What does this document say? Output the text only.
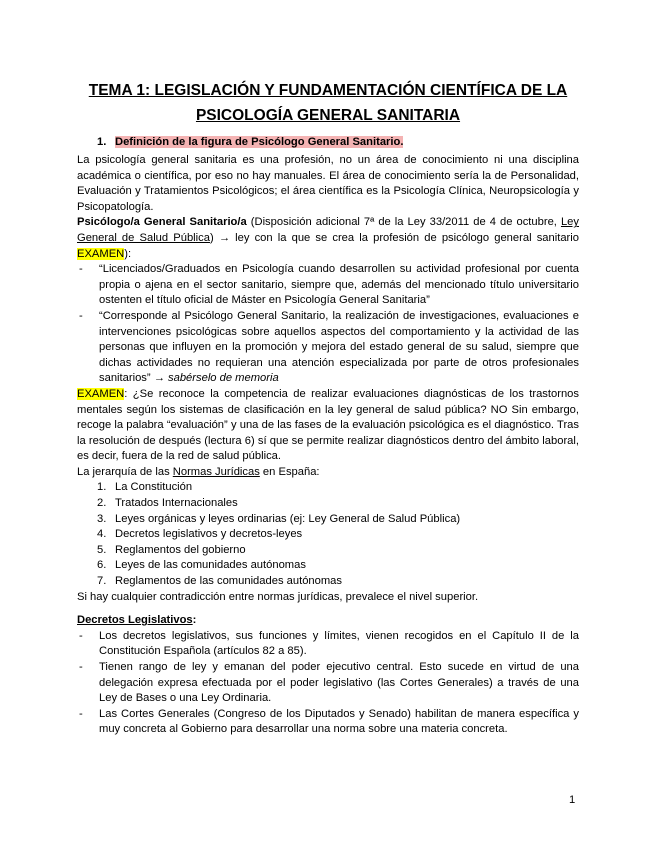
TEMA 1: LEGISLACIÓN Y FUNDAMENTACIÓN CIENTÍFICA DE LA
PSICOLOGÍA GENERAL SANITARIA
1. Definición de la figura de Psicólogo General Sanitario.

La psicología general sanitaria es una profesión, no un área de conocimiento ni una disciplina académica o científica, por eso no hay manuales. El área de conocimiento sería la de Personalidad, Evaluación y Tratamientos Psicológicos; el área científica es la Psicología Clínica, Neuropsicología y Psicopatología.

Psicólogo/a General Sanitario/a (Disposición adicional 7ª de la Ley 33/2011 de 4 de octubre, Ley General de Salud Pública) → ley con la que se crea la profesión de psicólogo general sanitario EXAMEN):

- “Licenciados/Graduados en Psicología cuando desarrollen su actividad profesional por cuenta propia o ajena en el sector sanitario, siempre que, además del mencionado título universitario ostenten el título oficial de Máster en Psicología General Sanitaria”
- “Corresponde al Psicólogo General Sanitario, la realización de investigaciones, evaluaciones e intervenciones psicológicas sobre aquellos aspectos del comportamiento y la actividad de las personas que influyen en la promoción y mejora del estado general de su salud, siempre que dichas actividades no requieran una atención especializada por parte de otros profesionales sanitarios” → sabérselo de memoria

EXAMEN: ¿Se reconoce la competencia de realizar evaluaciones diagnósticas de los trastornos mentales según los sistemas de clasificación en la ley general de salud pública? NO Sin embargo, recoge la palabra “evaluación” y una de las fases de la evaluación psicológica es el diagnóstico. Tras la resolución de después (lectura 6) sí que se permite realizar diagnósticos dentro del ámbito laboral, es decir, fuera de la red de salud pública.

La jerarquía de las Normas Jurídicas en España:

1. La Constitución
2. Tratados Internacionales
3. Leyes orgánicas y leyes ordinarias (ej: Ley General de Salud Pública)
4. Decretos legislativos y decretos-leyes
5. Reglamentos del gobierno
6. Leyes de las comunidades autónomas
7. Reglamentos de las comunidades autónomas

Si hay cualquier contradicción entre normas jurídicas, prevalece el nivel superior.

Decretos Legislativos:

- Los decretos legislativos, sus funciones y límites, vienen recogidos en el Capítulo II de la Constitución Española (artículos 82 a 85).
- Tienen rango de ley y emanan del poder ejecutivo central. Esto sucede en virtud de una delegación expresa efectuada por el poder legislativo (las Cortes Generales) a través de una Ley de Bases o una Ley Ordinaria.
- Las Cortes Generales (Congreso de los Diputados y Senado) habilitan de manera específica y muy concreta al Gobierno para desarrollar una norma sobre una materia concreta.
1
